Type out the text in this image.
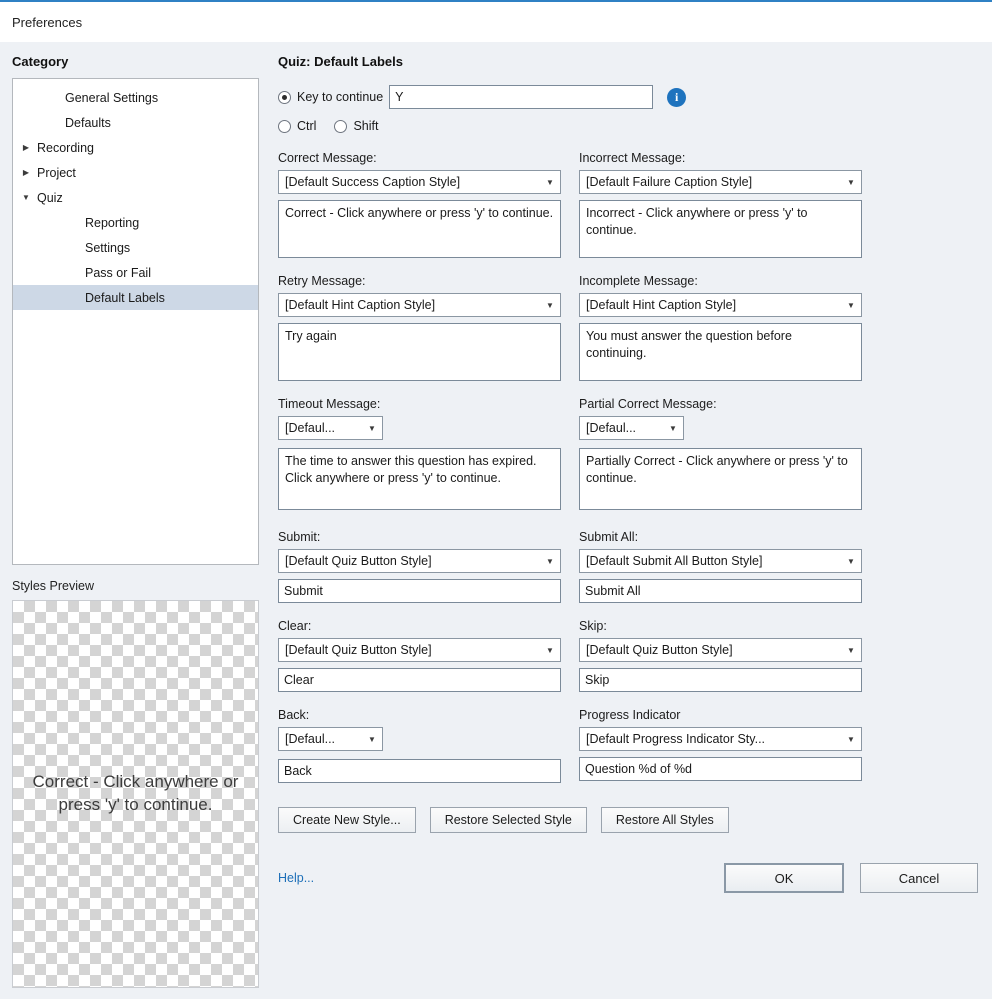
Preferences
Category
General Settings
Defaults
▶ Recording
▶ Project
▼ Quiz
Reporting
Settings
Pass or Fail
Default Labels
Styles Preview
Correct - Click anywhere or press 'y' to continue.
Quiz: Default Labels
Key to continue
Y	i
Ctrl	Shift
Correct Message:
[Default Success Caption Style]	▼
Correct - Click anywhere or press 'y' to continue.
Incorrect Message:
[Default Failure Caption Style]	▼
Incorrect - Click anywhere or press 'y' to continue.
Retry Message:
[Default Hint Caption Style]	▼
Try again
Incomplete Message:
[Default Hint Caption Style]	▼
You must answer the question before continuing.
Timeout Message:
[Defaul...	▼
The time to answer this question has expired. Click anywhere or press 'y' to continue.
Partial Correct Message:
[Defaul...	▼
Partially Correct - Click anywhere or press 'y' to continue.
Submit:
[Default Quiz Button Style]	▼
Submit
Submit All:
[Default Submit All Button Style]	▼
Submit All
Clear:
[Default Quiz Button Style]	▼
Clear
Skip:
[Default Quiz Button Style]	▼
Skip
Back:
[Defaul...	▼
Back
Progress Indicator
[Default Progress Indicator Sty...	▼
Question %d of %d
Create New Style...	Restore Selected Style	Restore All Styles
Help...	OK	Cancel
